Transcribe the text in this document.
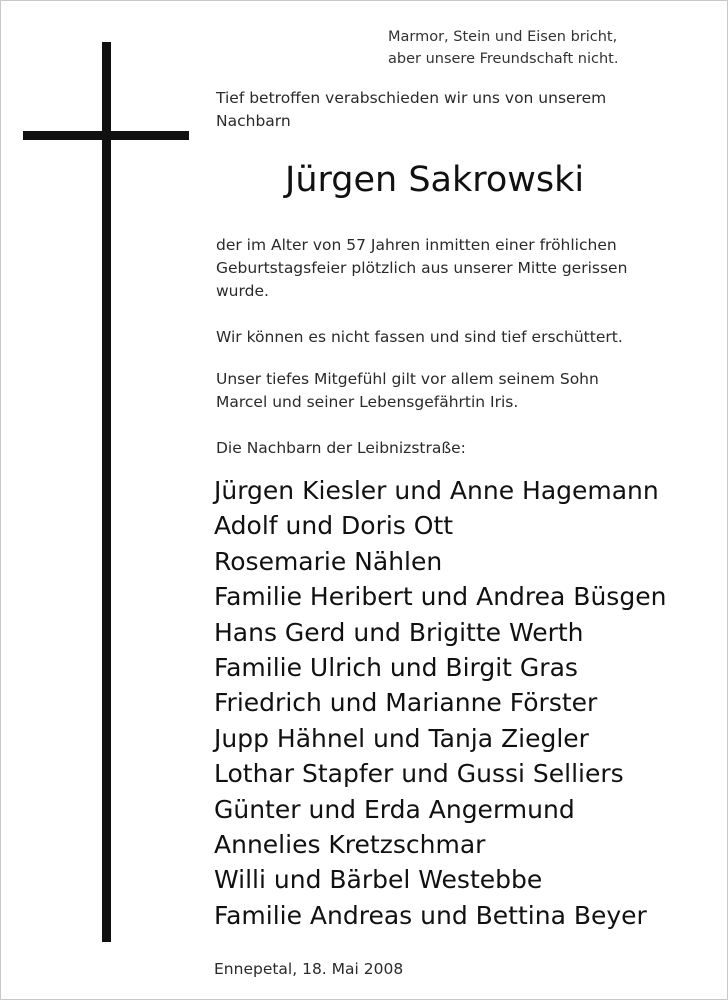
Marmor, Stein und Eisen bricht,
aber unsere Freundschaft nicht.
Tief betroffen verabschieden wir uns von unserem
Nachbarn
Jürgen Sakrowski
der im Alter von 57 Jahren inmitten einer fröhlichen
Geburtstagsfeier plötzlich aus unserer Mitte gerissen
wurde.
Wir können es nicht fassen und sind tief erschüttert.
Unser tiefes Mitgefühl gilt vor allem seinem Sohn
Marcel und seiner Lebensgefährtin Iris.
Die Nachbarn der Leibnizstraße:
Jürgen Kiesler und Anne Hagemann
Adolf und Doris Ott
Rosemarie Nählen
Familie Heribert und Andrea Büsgen
Hans Gerd und Brigitte Werth
Familie Ulrich und Birgit Gras
Friedrich und Marianne Förster
Jupp Hähnel und Tanja Ziegler
Lothar Stapfer und Gussi Selliers
Günter und Erda Angermund
Annelies Kretzschmar
Willi und Bärbel Westebbe
Familie Andreas und Bettina Beyer
Ennepetal, 18. Mai 2008
